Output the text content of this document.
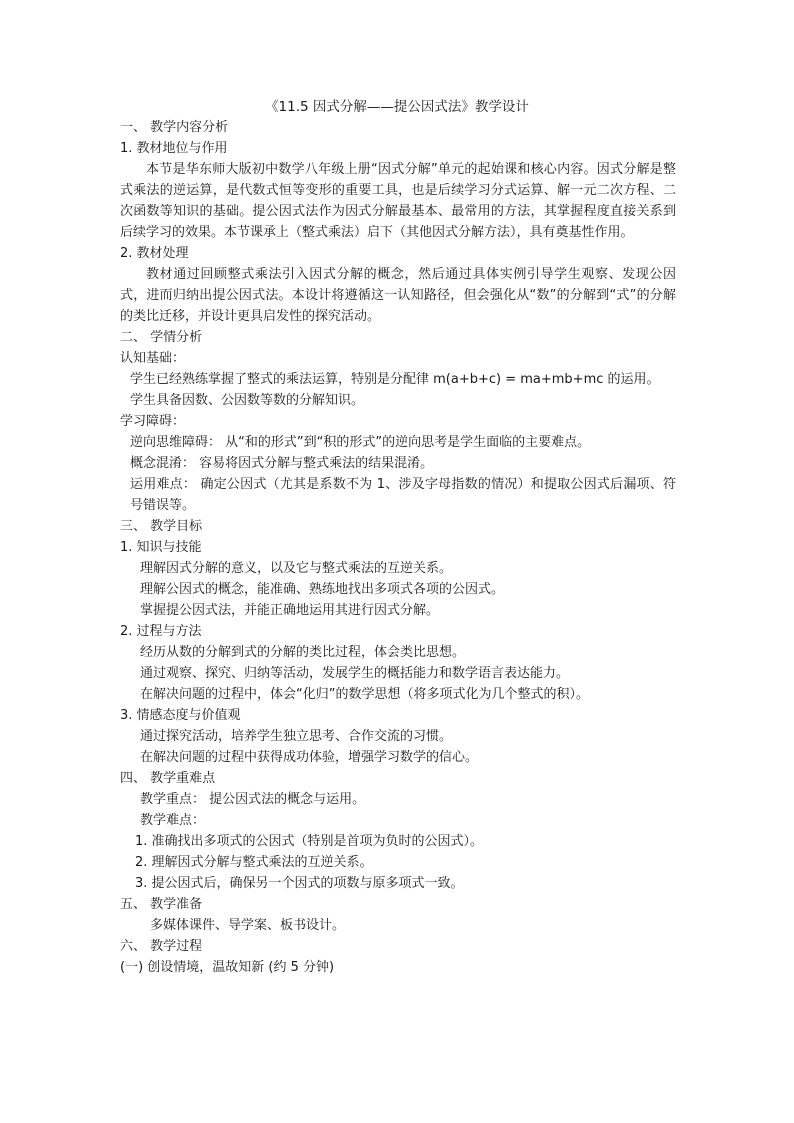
《11.5 因式分解——提公因式法》教学设计
一、 教学内容分析
1. 教材地位与作用
本节是华东师大版初中数学八年级上册“因式分解”单元的起始课和核心内容。因式分解是整式乘法的逆运算，是代数式恒等变形的重要工具，也是后续学习分式运算、解一元二次方程、二次函数等知识的基础。提公因式法作为因式分解最基本、最常用的方法，其掌握程度直接关系到后续学习的效果。本节课承上（整式乘法）启下（其他因式分解方法），具有奠基性作用。
2. 教材处理
教材通过回顾整式乘法引入因式分解的概念，然后通过具体实例引导学生观察、发现公因式，进而归纳出提公因式法。本设计将遵循这一认知路径，但会强化从“数”的分解到“式”的分解的类比迁移，并设计更具启发性的探究活动。
二、 学情分析
认知基础：
学生已经熟练掌握了整式的乘法运算，特别是分配律 m(a+b+c) = ma+mb+mc 的运用。
学生具备因数、公因数等数的分解知识。
学习障碍：
逆向思维障碍： 从“和的形式”到“积的形式”的逆向思考是学生面临的主要难点。
概念混淆： 容易将因式分解与整式乘法的结果混淆。
运用难点： 确定公因式（尤其是系数不为 1、涉及字母指数的情况）和提取公因式后漏项、符号错误等。
三、 教学目标
1. 知识与技能
理解因式分解的意义，以及它与整式乘法的互逆关系。
理解公因式的概念，能准确、熟练地找出多项式各项的公因式。
掌握提公因式法，并能正确地运用其进行因式分解。
2. 过程与方法
经历从数的分解到式的分解的类比过程，体会类比思想。
通过观察、探究、归纳等活动，发展学生的概括能力和数学语言表达能力。
在解决问题的过程中，体会“化归”的数学思想（将多项式化为几个整式的积）。
3. 情感态度与价值观
通过探究活动，培养学生独立思考、合作交流的习惯。
在解决问题的过程中获得成功体验，增强学习数学的信心。
四、 教学重难点
教学重点： 提公因式法的概念与运用。
教学难点：
1. 准确找出多项式的公因式（特别是首项为负时的公因式）。
2. 理解因式分解与整式乘法的互逆关系。
3. 提公因式后，确保另一个因式的项数与原多项式一致。
五、 教学准备
多媒体课件、导学案、板书设计。
六、 教学过程
(一) 创设情境，温故知新 (约 5 分钟)
